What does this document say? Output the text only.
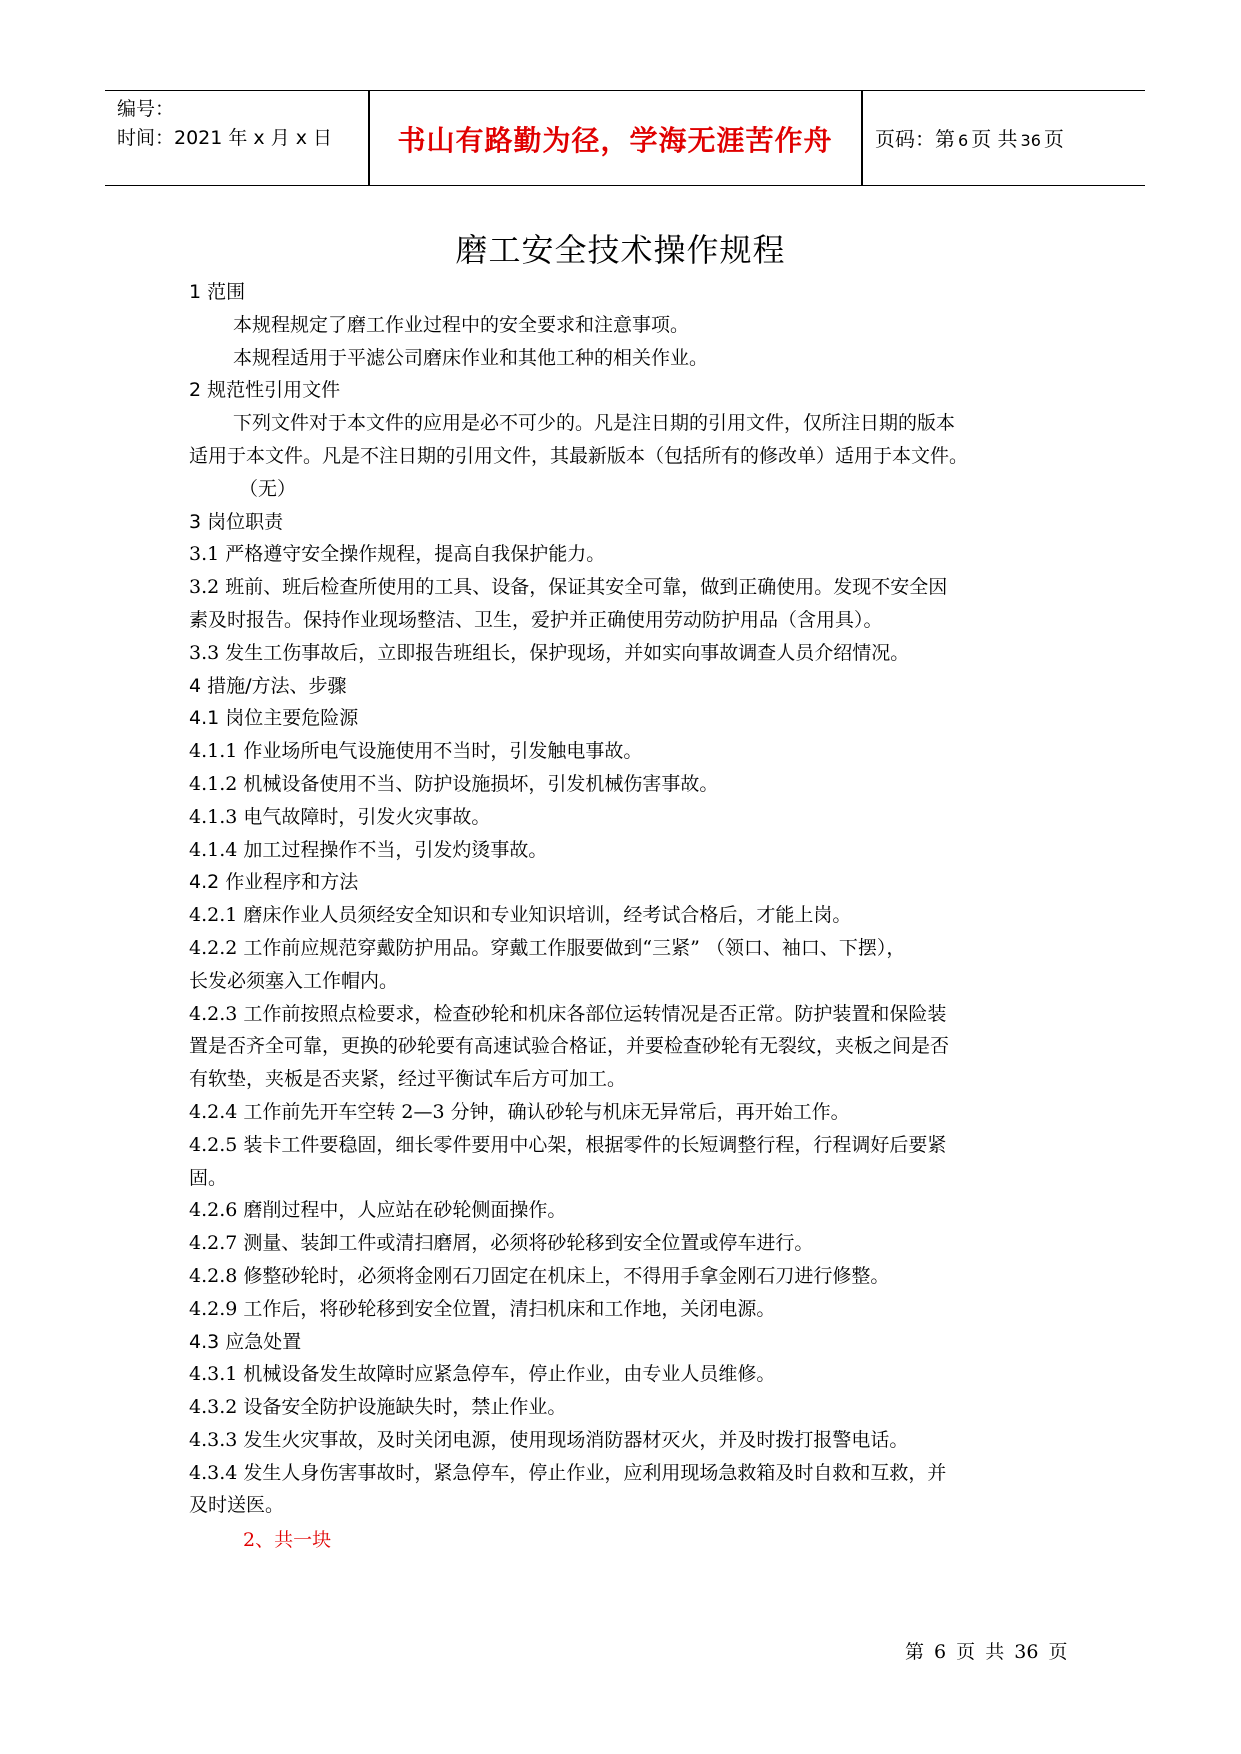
编号：
时间：2021 年 x 月 x 日	书山有路勤为径，学海无涯苦作舟	页码：第 6 页 共 36 页
磨工安全技术操作规程
1 范围
本规程规定了磨工作业过程中的安全要求和注意事项。
本规程适用于平滤公司磨床作业和其他工种的相关作业。
2 规范性引用文件
下列文件对于本文件的应用是必不可少的。凡是注日期的引用文件，仅所注日期的版本
适用于本文件。凡是不注日期的引用文件，其最新版本（包括所有的修改单）适用于本文件。
（无）
3 岗位职责
3.1 严格遵守安全操作规程，提高自我保护能力。
3.2 班前、班后检查所使用的工具、设备，保证其安全可靠，做到正确使用。发现不安全因
素及时报告。保持作业现场整洁、卫生，爱护并正确使用劳动防护用品（含用具）。
3.3 发生工伤事故后，立即报告班组长，保护现场，并如实向事故调查人员介绍情况。
4 措施/方法、步骤
4.1 岗位主要危险源
4.1.1 作业场所电气设施使用不当时，引发触电事故。
4.1.2 机械设备使用不当、防护设施损坏，引发机械伤害事故。
4.1.3 电气故障时，引发火灾事故。
4.1.4 加工过程操作不当，引发灼烫事故。
4.2 作业程序和方法
4.2.1 磨床作业人员须经安全知识和专业知识培训，经考试合格后，才能上岗。
4.2.2 工作前应规范穿戴防护用品。穿戴工作服要做到“三紧” （领口、袖口、下摆），
长发必须塞入工作帽内。
4.2.3 工作前按照点检要求，检查砂轮和机床各部位运转情况是否正常。防护装置和保险装
置是否齐全可靠，更换的砂轮要有高速试验合格证，并要检查砂轮有无裂纹，夹板之间是否
有软垫，夹板是否夹紧，经过平衡试车后方可加工。
4.2.4 工作前先开车空转 2—3 分钟，确认砂轮与机床无异常后，再开始工作。
4.2.5 装卡工件要稳固，细长零件要用中心架，根据零件的长短调整行程，行程调好后要紧
固。
4.2.6 磨削过程中，人应站在砂轮侧面操作。
4.2.7 测量、装卸工件或清扫磨屑，必须将砂轮移到安全位置或停车进行。
4.2.8 修整砂轮时，必须将金刚石刀固定在机床上，不得用手拿金刚石刀进行修整。
4.2.9 工作后，将砂轮移到安全位置，清扫机床和工作地，关闭电源。
4.3 应急处置
4.3.1 机械设备发生故障时应紧急停车，停止作业，由专业人员维修。
4.3.2 设备安全防护设施缺失时，禁止作业。
4.3.3 发生火灾事故，及时关闭电源，使用现场消防器材灭火，并及时拨打报警电话。
4.3.4 发生人身伤害事故时，紧急停车，停止作业，应利用现场急救箱及时自救和互救，并
及时送医。
2、共一块
第 6 页 共 36 页
